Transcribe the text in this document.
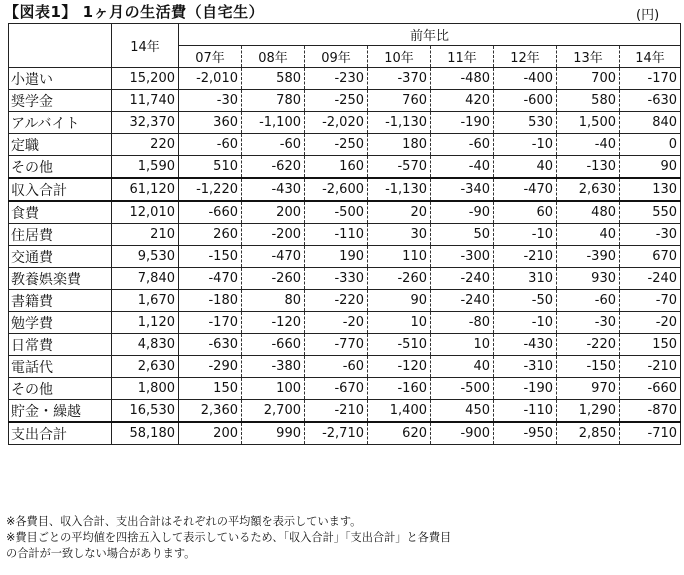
【図表1】 1ヶ月の生活費（自宅生）	(円)
	14年	前年比							
		07年	08年	09年	10年	11年	12年	13年	14年
小遣い	15,200	-2,010	580	-230	-370	-480	-400	700	-170
奨学金	11,740	-30	780	-250	760	420	-600	580	-630
アルバイト	32,370	360	-1,100	-2,020	-1,130	-190	530	1,500	840
定職	220	-60	-60	-250	180	-60	-10	-40	0
その他	1,590	510	-620	160	-570	-40	40	-130	90
収入合計	61,120	-1,220	-430	-2,600	-1,130	-340	-470	2,630	130
食費	12,010	-660	200	-500	20	-90	60	480	550
住居費	210	260	-200	-110	30	50	-10	40	-30
交通費	9,530	-150	-470	190	110	-300	-210	-390	670
教養娯楽費	7,840	-470	-260	-330	-260	-240	310	930	-240
書籍費	1,670	-180	80	-220	90	-240	-50	-60	-70
勉学費	1,120	-170	-120	-20	10	-80	-10	-30	-20
日常費	4,830	-630	-660	-770	-510	10	-430	-220	150
電話代	2,630	-290	-380	-60	-120	40	-310	-150	-210
その他	1,800	150	100	-670	-160	-500	-190	970	-660
貯金・繰越	16,530	2,360	2,700	-210	1,400	450	-110	1,290	-870
支出合計	58,180	200	990	-2,710	620	-900	-950	2,850	-710
※各費目、収入合計、支出合計はそれぞれの平均額を表示しています。
※費目ごとの平均値を四捨五入して表示しているため、「収入合計」「支出合計」と各費目
の合計が一致しない場合があります。
